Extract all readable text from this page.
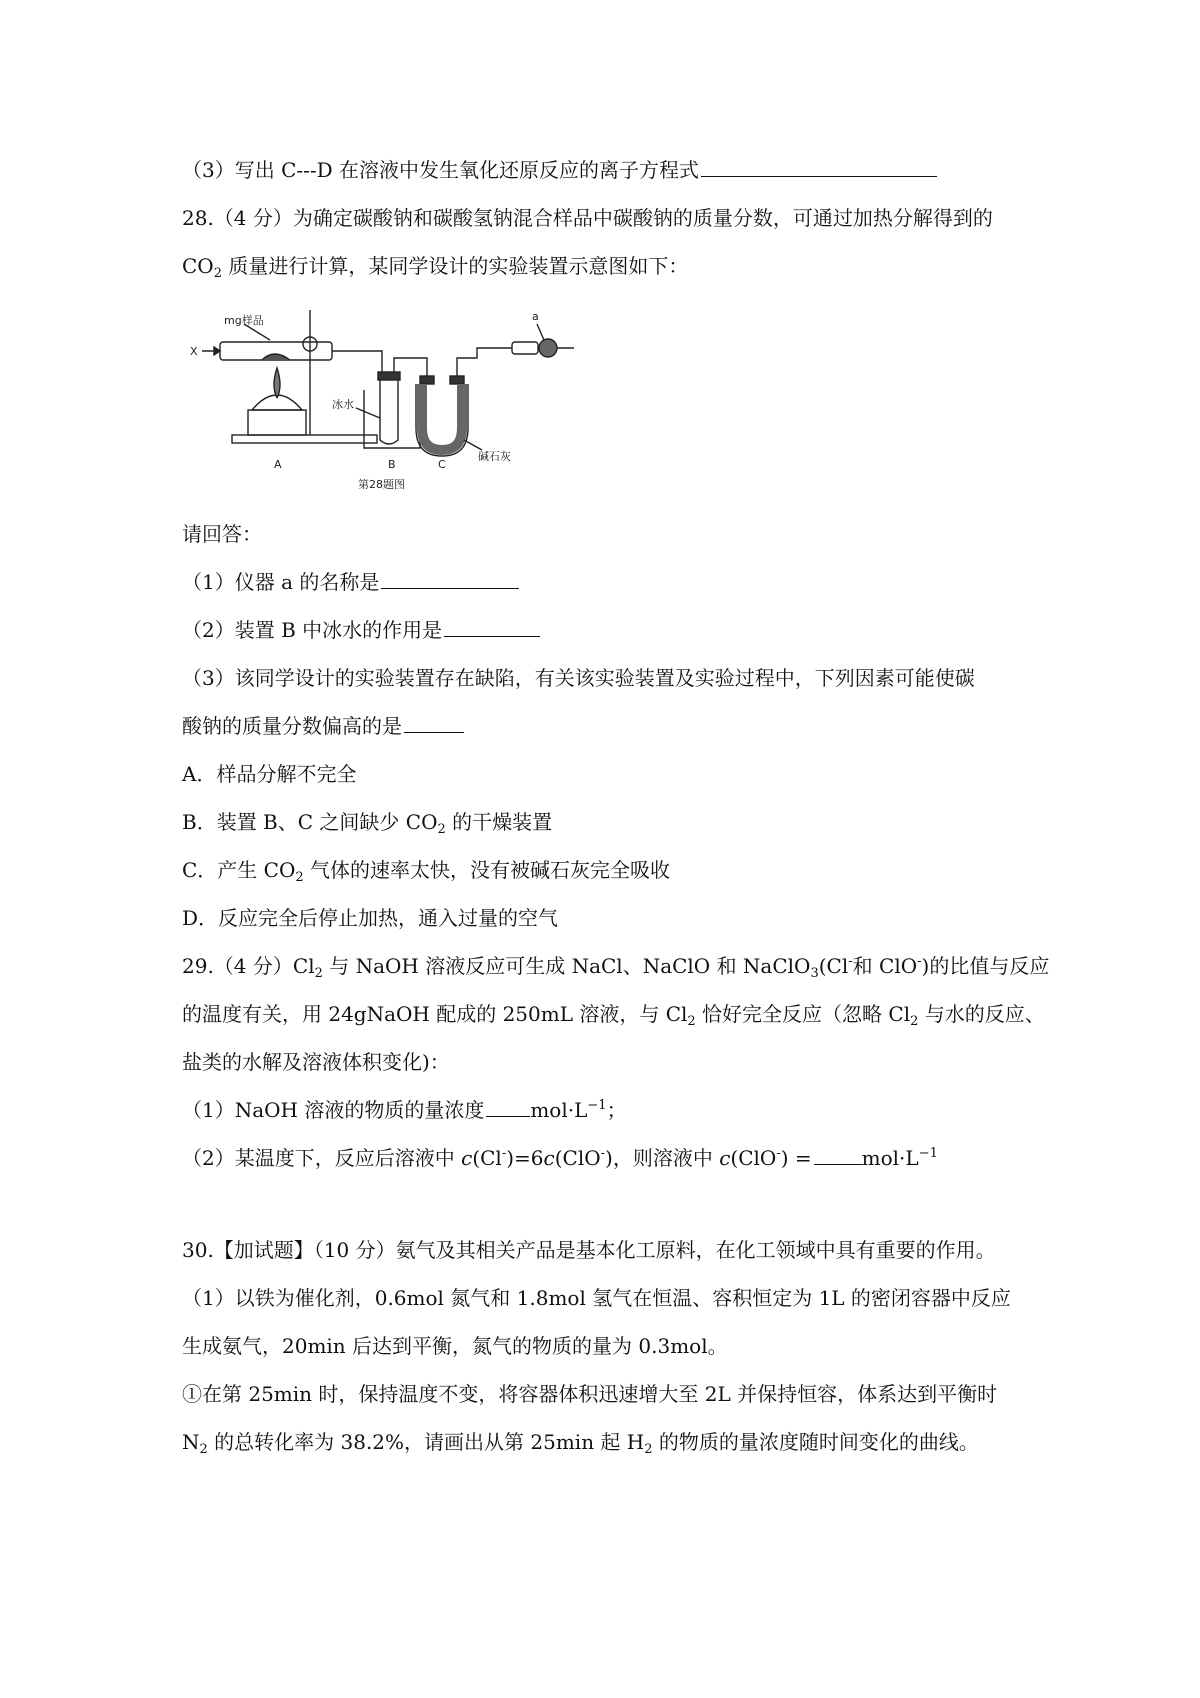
（3）写出 C---D 在溶液中发生氧化还原反应的离子方程式
28.（4 分）为确定碳酸钠和碳酸氢钠混合样品中碳酸钠的质量分数，可通过加热分解得到的
$CO_2$ 质量进行计算，某同学设计的实验装置示意图如下：
X
mg样品	a
冰水
碱石灰
A	B	C
第28题图
请回答：
（1）仪器 a 的名称是
（2）装置 B 中冰水的作用是
（3）该同学设计的实验装置存在缺陷，有关该实验装置及实验过程中，下列因素可能使碳
酸钠的质量分数偏高的是
A．样品分解不完全
B．装置 B、C 之间缺少 $CO_2$ 的干燥装置
C．产生 $CO_2$ 气体的速率太快，没有被碱石灰完全吸收
D．反应完全后停止加热，通入过量的空气
29.（4 分）$Cl_2$ 与 NaOH 溶液反应可生成 NaCl、NaClO 和 NaClO$_3$(Cl-和 ClO-)的比值与反应
的温度有关，用 24gNaOH 配成的 250mL 溶液，与 $Cl_2$ 恰好完全反应（忽略 $Cl_2$ 与水的反应、
盐类的水解及溶液体积变化)：
（1）NaOH 溶液的物质的量浓度 $mol\cdot L^{-1}$；
（2）某温度下，反应后溶液中 c(Cl-)=6c(ClO-)，则溶液中 c(ClO-) =	$mol\cdot L^{-1}$
30.【加试题】（10 分）氨气及其相关产品是基本化工原料，在化工领域中具有重要的作用。
（1）以铁为催化剂，0.6mol 氮气和 1.8mol 氢气在恒温、容积恒定为 1L 的密闭容器中反应
生成氨气，20min 后达到平衡，氮气的物质的量为 0.3mol。
①在第 25min 时，保持温度不变，将容器体积迅速增大至 2L 并保持恒容，体系达到平衡时
$N_2$ 的总转化率为 38.2%，请画出从第 25min 起 $H_2$ 的物质的量浓度随时间变化的曲线。
